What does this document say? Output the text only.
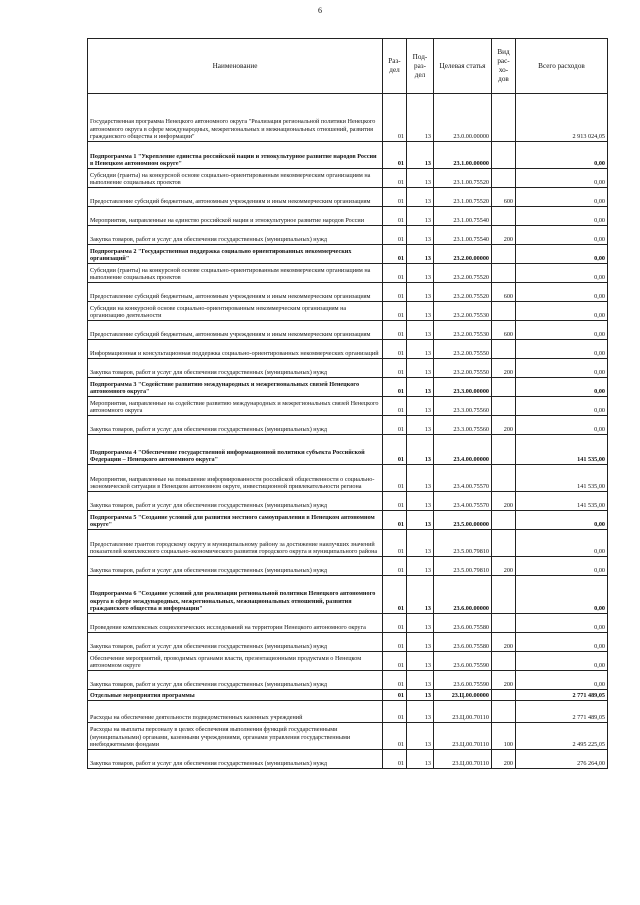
6
Наименование	Раз-дел	Под-раз-дел	Целевая статья	Вид рас-хо-дов	Всего расходов
Государственная программа Ненецкого автономного округа "Реализация региональной политики Ненецкого автономного округа в сфере международных, межрегиональных и межнациональных отношений, развития гражданского общества и информации"	01	13	23.0.00.00000		2 913 024,05
Подпрограмма 1 "Укрепление единства российской нации и этнокультурное развитие народов России в Ненецком автономном округе"	01	13	23.1.00.00000		0,00
Субсидии (гранты) на конкурсной основе социально-ориентированным некоммерческим организациям на выполнение социальных проектов	01	13	23.1.00.75520		0,00
Предоставление субсидий бюджетным, автономным учреждениям и иным некоммерческим организациям	01	13	23.1.00.75520	600	0,00
Мероприятия, направленные на единство российской нации и этнокультурное развитие народов России	01	13	23.1.00.75540		0,00
Закупка товаров, работ и услуг для обеспечения государственных (муниципальных) нужд	01	13	23.1.00.75540	200	0,00
Подпрограмма 2 "Государственная поддержка социально ориентированных некоммерческих организаций"	01	13	23.2.00.00000		0,00
Субсидии (гранты) на конкурсной основе социально-ориентированным некоммерческим организациям на выполнение социальных проектов	01	13	23.2.00.75520		0,00
Предоставление субсидий бюджетным, автономным учреждениям и иным некоммерческим организациям	01	13	23.2.00.75520	600	0,00
Субсидии на конкурсной основе социально-ориентированным некоммерческим организациям на организацию деятельности	01	13	23.2.00.75530		0,00
Предоставление субсидий бюджетным, автономным учреждениям и иным некоммерческим организациям	01	13	23.2.00.75530	600	0,00
Информационная и консультационная поддержка социально-ориентированных некоммерческих организаций	01	13	23.2.00.75550		0,00
Закупка товаров, работ и услуг для обеспечения государственных (муниципальных) нужд	01	13	23.2.00.75550	200	0,00
Подпрограмма 3 "Содействие развитию международных и межрегиональных связей Ненецкого автономного округа"	01	13	23.3.00.00000		0,00
Мероприятия, направленные на содействие развитию международных и межрегиональных связей Ненецкого автономного округа	01	13	23.3.00.75560		0,00
Закупка товаров, работ и услуг для обеспечения государственных (муниципальных) нужд	01	13	23.3.00.75560	200	0,00
Подпрограмма 4 "Обеспечение государственной информационной политики субъекта Российской Федерации – Ненецкого автономного округа"	01	13	23.4.00.00000		141 535,00
Мероприятия, направленные на повышение информированности российской общественности о социально-экономической ситуации в Ненецком автономном округе, инвестиционной привлекательности региона	01	13	23.4.00.75570		141 535,00
Закупка товаров, работ и услуг для обеспечения государственных (муниципальных) нужд	01	13	23.4.00.75570	200	141 535,00
Подпрограмма 5 "Создание условий для развития местного самоуправления в Ненецком автономном округе"	01	13	23.5.00.00000		0,00
Предоставление грантов городскому округу и муниципальному району за достижение наилучших значений показателей комплексного социально-экономического развития городского округа и муниципального района	01	13	23.5.00.79810		0,00
Закупка товаров, работ и услуг для обеспечения государственных (муниципальных) нужд	01	13	23.5.00.79810	200	0,00
Подпрограмма 6 "Создание условий для реализации региональной политики Ненецкого автономного округа в сфере международных, межрегиональных, межнациональных отношений, развития гражданского общества и информации"	01	13	23.6.00.00000		0,00
Проведение комплексных социологических исследований на территории Ненецкого автономного округа	01	13	23.6.00.75580		0,00
Закупка товаров, работ и услуг для обеспечения государственных (муниципальных) нужд	01	13	23.6.00.75580	200	0,00
Обеспечение мероприятий, проводимых органами власти, презентационными продуктами о Ненецком автономном округе	01	13	23.6.00.75590		0,00
Закупка товаров, работ и услуг для обеспечения государственных (муниципальных) нужд	01	13	23.6.00.75590	200	0,00
Отдельные мероприятия программы	01	13	23.Ц.00.00000		2 771 489,05
Расходы на обеспечение деятельности подведомственных казенных учреждений	01	13	23.Ц.00.70110		2 771 489,05
Расходы на выплаты персоналу в целях обеспечения выполнения функций государственными (муниципальными) органами, казенными учреждениями, органами управления государственными внебюджетными фондами	01	13	23.Ц.00.70110	100	2 495 225,05
Закупка товаров, работ и услуг для обеспечения государственных (муниципальных) нужд	01	13	23.Ц.00.70110	200	276 264,00
